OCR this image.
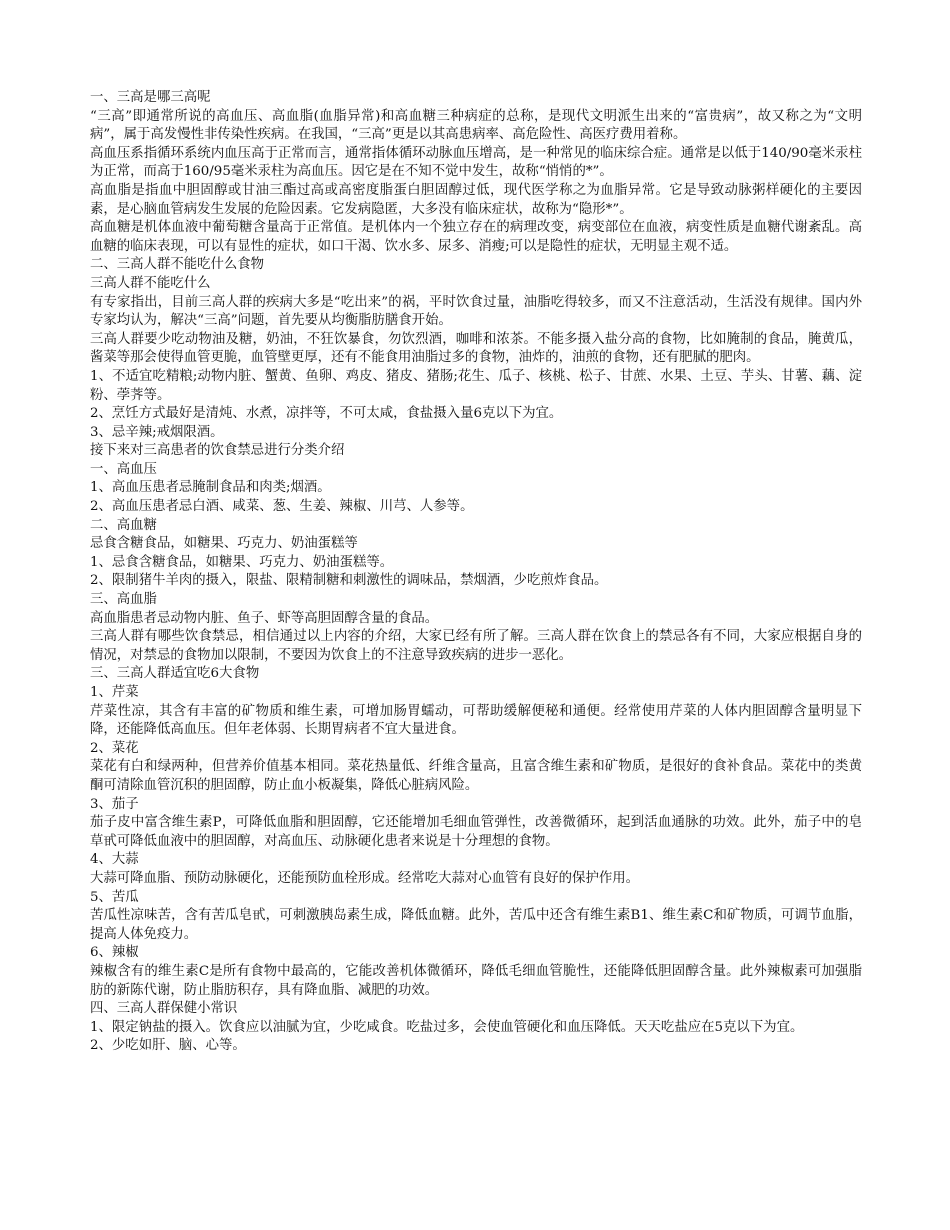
一、三高是哪三高呢

“三高”即通常所说的高血压、高血脂(血脂异常)和高血糖三种病症的总称，是现代文明派生出来的“富贵病”，故又称之为“文明病”，属于高发慢性非传染性疾病。在我国，“三高”更是以其高患病率、高危险性、高医疗费用着称。

高血压系指循环系统内血压高于正常而言，通常指体循环动脉血压增高，是一种常见的临床综合症。通常是以低于140/90毫米汞柱为正常，而高于160/95毫米汞柱为高血压。因它是在不知不觉中发生，故称“悄悄的*”。

高血脂是指血中胆固醇或甘油三酯过高或高密度脂蛋白胆固醇过低，现代医学称之为血脂异常。它是导致动脉粥样硬化的主要因素，是心脑血管病发生发展的危险因素。它发病隐匿，大多没有临床症状，故称为“隐形*”。

高血糖是机体血液中葡萄糖含量高于正常值。是机体内一个独立存在的病理改变，病变部位在血液，病变性质是血糖代谢紊乱。高血糖的临床表现，可以有显性的症状，如口干渴、饮水多、尿多、消瘦;可以是隐性的症状，无明显主观不适。

二、三高人群不能吃什么食物

三高人群不能吃什么

有专家指出，目前三高人群的疾病大多是“吃出来”的祸，平时饮食过量，油脂吃得较多，而又不注意活动，生活没有规律。国内外专家均认为，解决“三高”问题，首先要从均衡脂肪膳食开始。

三高人群要少吃动物油及糖，奶油，不狂饮暴食，勿饮烈酒，咖啡和浓茶。不能多摄入盐分高的食物，比如腌制的食品，腌黄瓜，酱菜等那会使得血管更脆，血管壁更厚，还有不能食用油脂过多的食物，油炸的，油煎的食物，还有肥腻的肥肉。

1、不适宜吃精粮;动物内脏、蟹黄、鱼卵、鸡皮、猪皮、猪肠;花生、瓜子、核桃、松子、甘蔗、水果、土豆、芋头、甘薯、藕、淀粉、荸荠等。

2、烹饪方式最好是清炖、水煮，凉拌等，不可太咸，食盐摄入量6克以下为宜。

3、忌辛辣;戒烟限酒。

接下来对三高患者的饮食禁忌进行分类介绍

一、高血压

1、高血压患者忌腌制食品和肉类;烟酒。

2、高血压患者忌白酒、咸菜、葱、生姜、辣椒、川芎、人参等。

二、高血糖

忌食含糖食品，如糖果、巧克力、奶油蛋糕等

1、忌食含糖食品，如糖果、巧克力、奶油蛋糕等。

2、限制猪牛羊肉的摄入，限盐、限精制糖和刺激性的调味品，禁烟酒，少吃煎炸食品。

三、高血脂

高血脂患者忌动物内脏、鱼子、虾等高胆固醇含量的食品。

三高人群有哪些饮食禁忌，相信通过以上内容的介绍，大家已经有所了解。三高人群在饮食上的禁忌各有不同，大家应根据自身的情况，对禁忌的食物加以限制，不要因为饮食上的不注意导致疾病的进步一恶化。

三、三高人群适宜吃6大食物

1、芹菜

芹菜性凉，其含有丰富的矿物质和维生素，可增加肠胃蠕动，可帮助缓解便秘和通便。经常使用芹菜的人体内胆固醇含量明显下降，还能降低高血压。但年老体弱、长期胃病者不宜大量进食。

2、菜花

菜花有白和绿两种，但营养价值基本相同。菜花热量低、纤维含量高，且富含维生素和矿物质，是很好的食补食品。菜花中的类黄酮可清除血管沉积的胆固醇，防止血小板凝集，降低心脏病风险。

3、茄子

茄子皮中富含维生素P，可降低血脂和胆固醇，它还能增加毛细血管弹性，改善微循环，起到活血通脉的功效。此外，茄子中的皂草甙可降低血液中的胆固醇，对高血压、动脉硬化患者来说是十分理想的食物。

4、大蒜

大蒜可降血脂、预防动脉硬化，还能预防血栓形成。经常吃大蒜对心血管有良好的保护作用。

5、苦瓜

苦瓜性凉味苦，含有苦瓜皂甙，可刺激胰岛素生成，降低血糖。此外，苦瓜中还含有维生素B1、维生素C和矿物质，可调节血脂，提高人体免疫力。

6、辣椒

辣椒含有的维生素C是所有食物中最高的，它能改善机体微循环，降低毛细血管脆性，还能降低胆固醇含量。此外辣椒素可加强脂肪的新陈代谢，防止脂肪积存，具有降血脂、减肥的功效。

四、三高人群保健小常识

1、限定钠盐的摄入。饮食应以油腻为宜，少吃咸食。吃盐过多，会使血管硬化和血压降低。天天吃盐应在5克以下为宜。

2、少吃如肝、脑、心等。
